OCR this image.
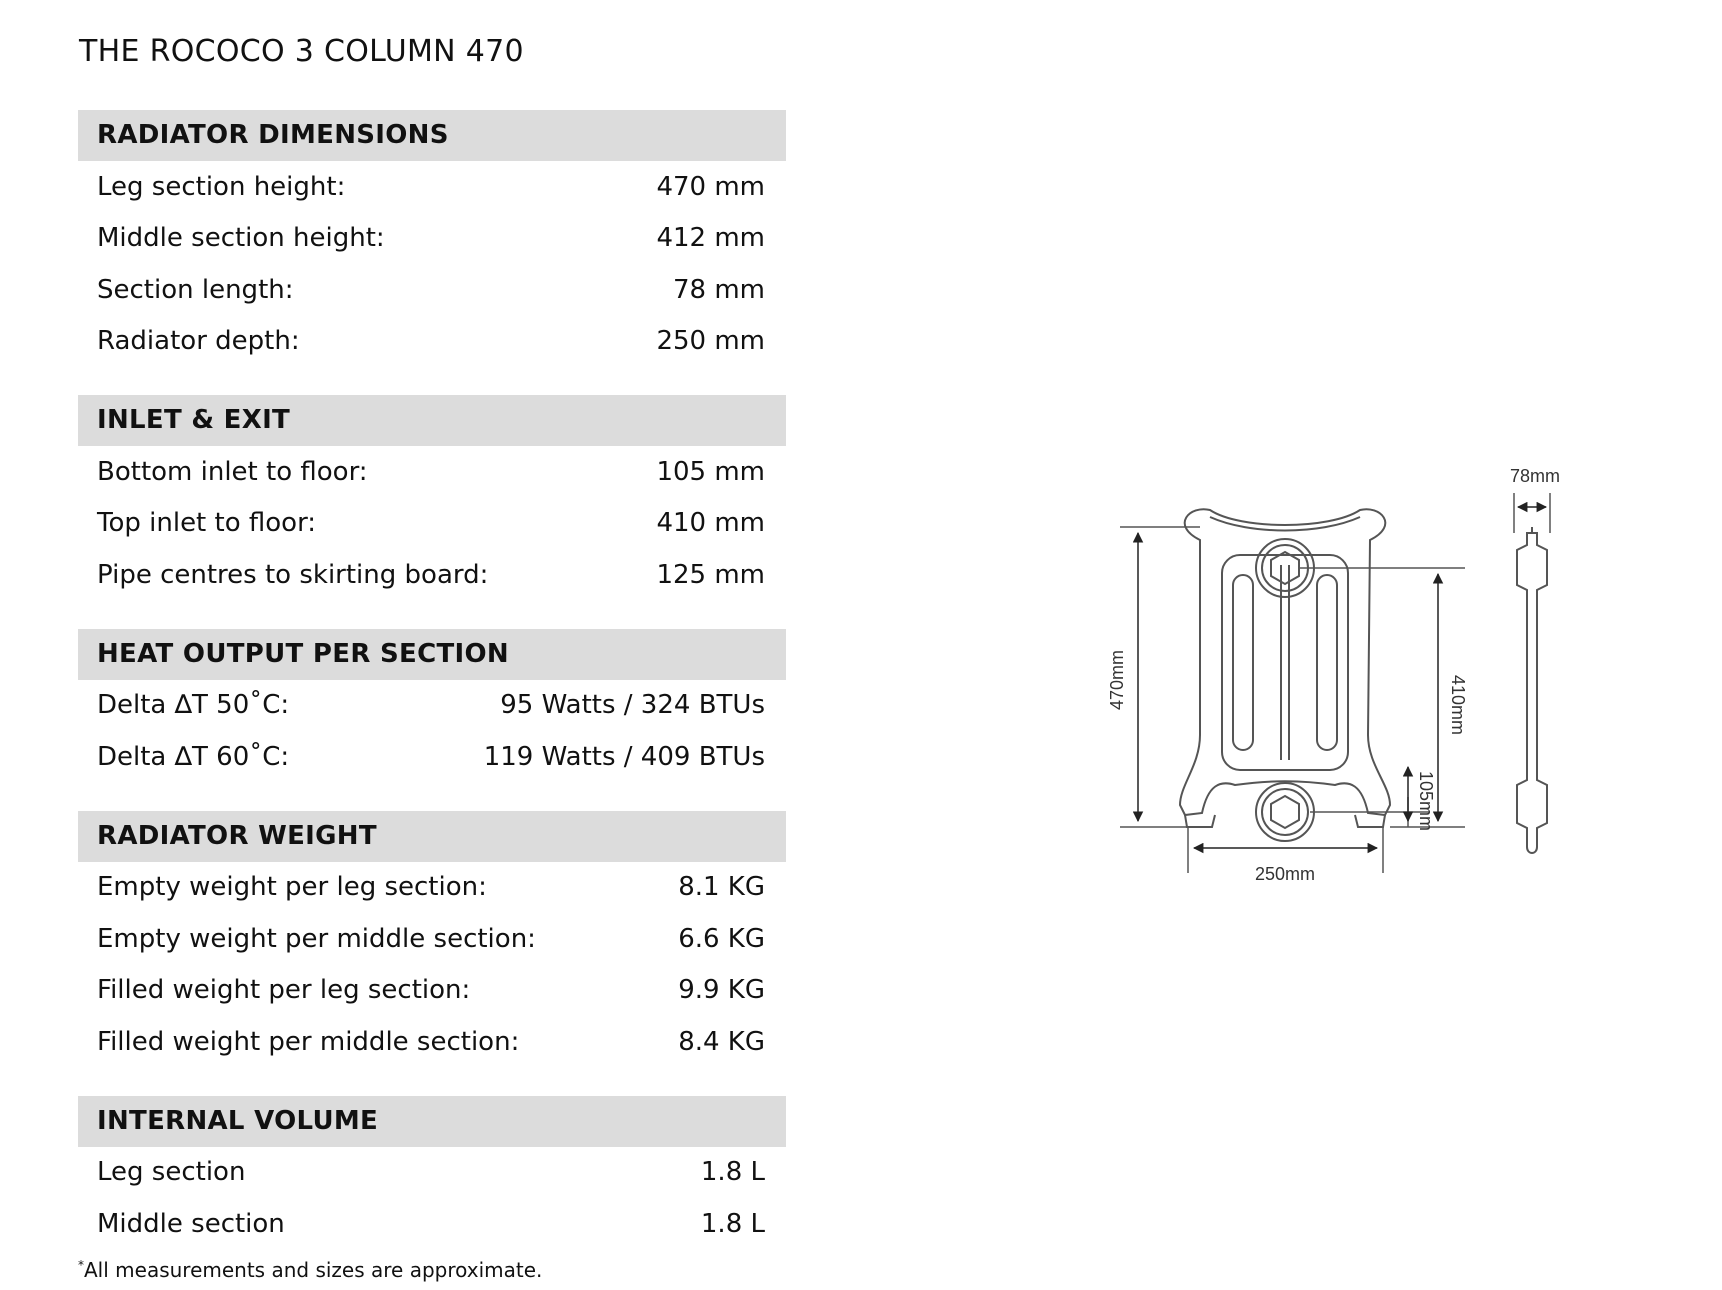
THE ROCOCO 3 COLUMN 470
RADIATOR DIMENSIONS
Leg section height:	470 mm
Middle section height:	412 mm
Section length:	78 mm
Radiator depth:	250 mm
INLET & EXIT
Bottom inlet to floor:	105 mm
Top inlet to floor:	410 mm
Pipe centres to skirting board:	125 mm
HEAT OUTPUT PER SECTION
Delta ∆T 50˚C:	95 Watts / 324 BTUs
Delta ∆T 60˚C:	119 Watts / 409 BTUs
RADIATOR WEIGHT
Empty weight per leg section:	8.1 KG
Empty weight per middle section:	6.6 KG
Filled weight per leg section:	9.9 KG
Filled weight per middle section:	8.4 KG
INTERNAL VOLUME
Leg section	1.8 L
Middle section	1.8 L
*All measurements and sizes are approximate.
470mm	410mm
105mm
250mm
78mm
